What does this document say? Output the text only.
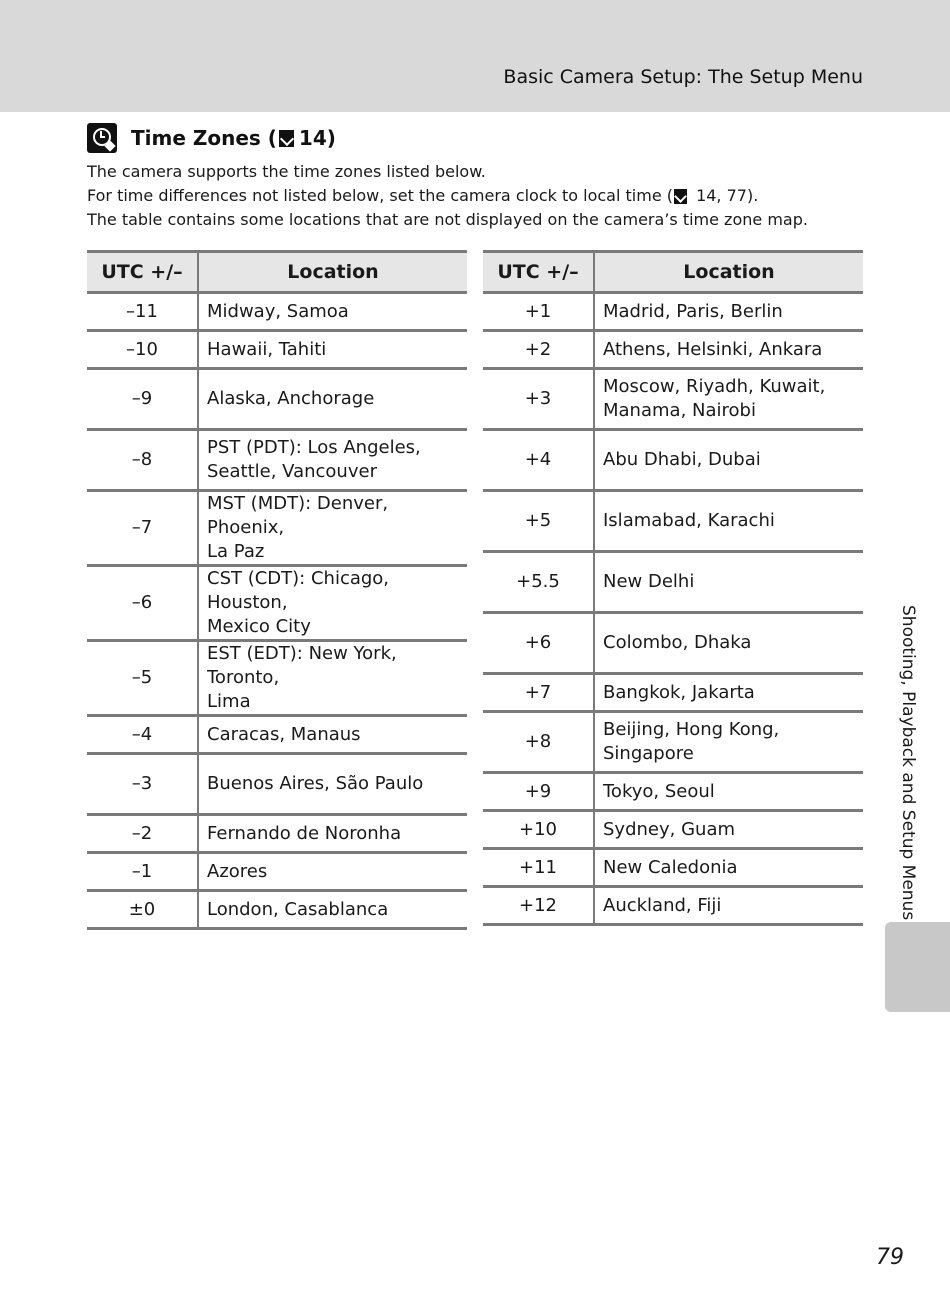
Basic Camera Setup: The Setup Menu
Time Zones ( 14)

The camera supports the time zones listed below.

For time differences not listed below, set the camera clock to local time ( 14, 77).

The table contains some locations that are not displayed on the camera’s time zone map.

UTC +/–	Location
–11	Midway, Samoa
–10	Hawaii, Tahiti
–9	Alaska, Anchorage
–8	PST (PDT): Los Angeles,
Seattle, Vancouver
–7	MST (MDT): Denver, Phoenix,
La Paz
–6	CST (CDT): Chicago, Houston,
Mexico City
–5	EST (EDT): New York, Toronto,
Lima
–4	Caracas, Manaus
–3	Buenos Aires, São Paulo
–2	Fernando de Noronha
–1	Azores
±0	London, Casablanca
UTC +/–	Location
+1	Madrid, Paris, Berlin
+2	Athens, Helsinki, Ankara
+3	Moscow, Riyadh, Kuwait,
Manama, Nairobi
+4	Abu Dhabi, Dubai
+5	Islamabad, Karachi
+5.5	New Delhi
+6	Colombo, Dhaka
+7	Bangkok, Jakarta
+8	Beijing, Hong Kong,
Singapore
+9	Tokyo, Seoul
+10	Sydney, Guam
+11	New Caledonia
+12	Auckland, Fiji	Shooting, Playback and Setup Menus
79
